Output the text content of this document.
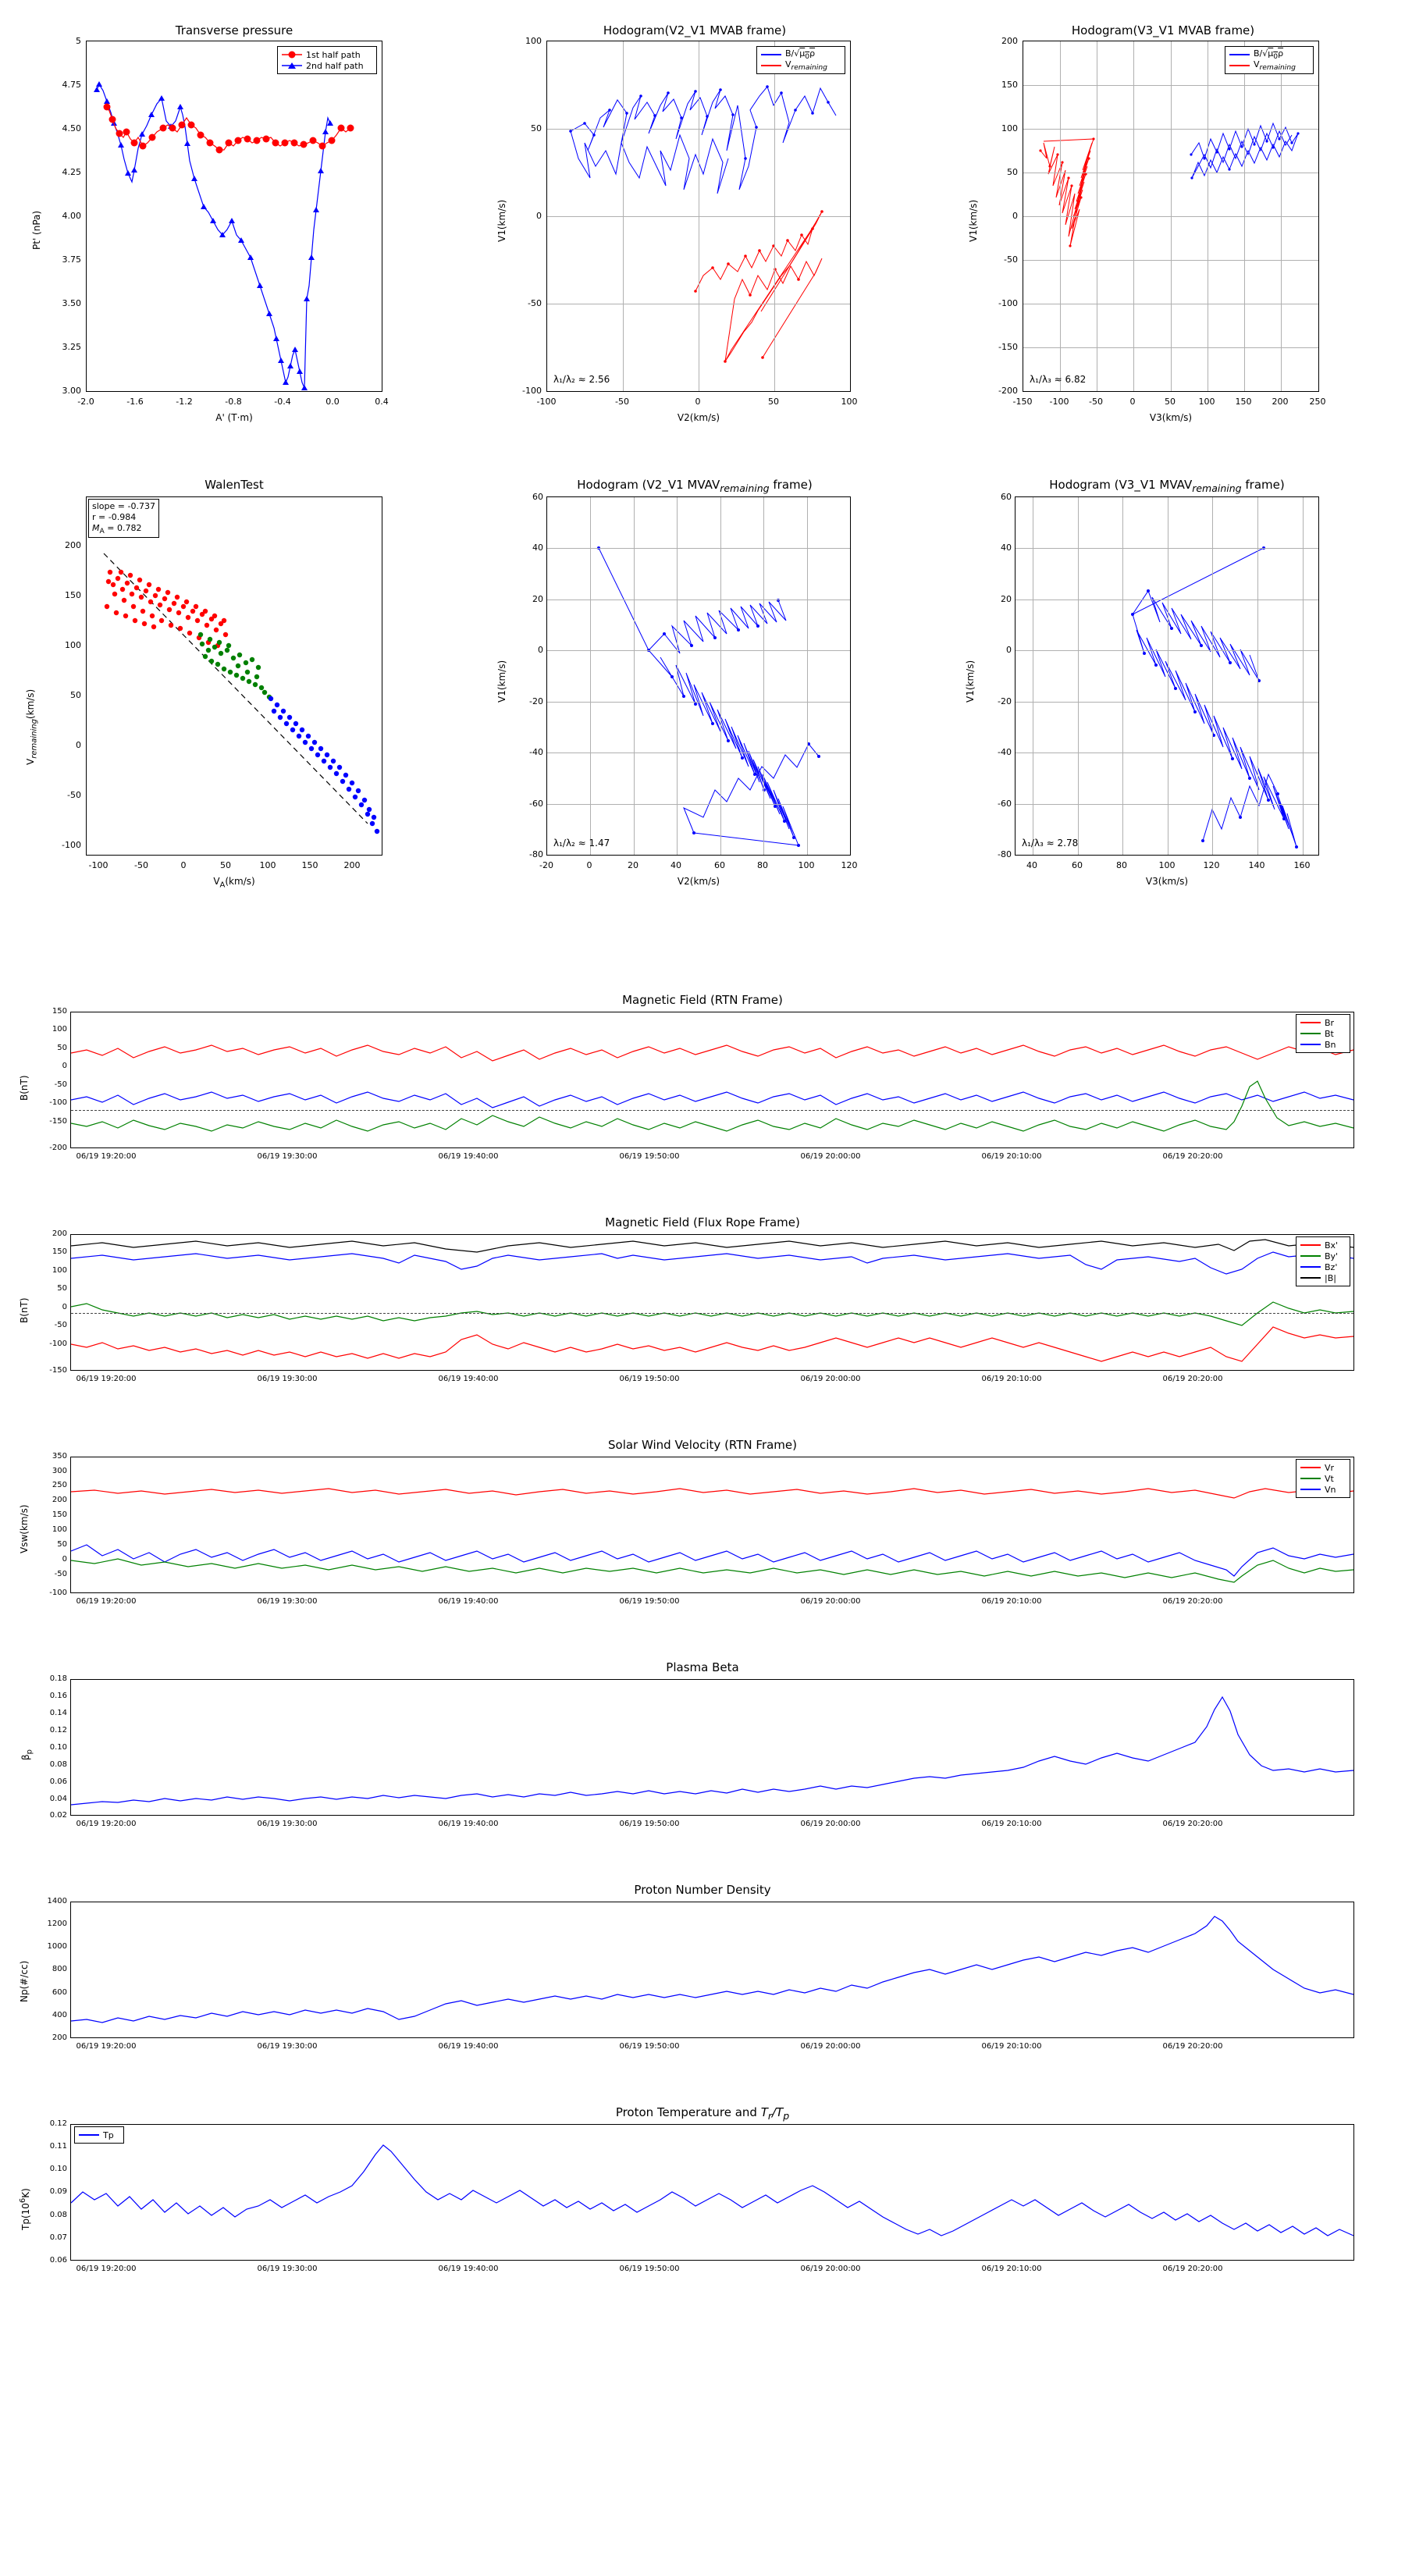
Transverse pressure
1st half path
2nd half path
5
4.75
4.50
4.25
4.00
3.75
3.50
3.25
3.00
-2.0	-1.6	-1.2	-0.8	-0.4	0.0	0.4
A' (T·m)
Pt' (nPa)
Hodogram(V2_V1 MVAB frame)
$B/√\mu_0\rho$
$V_{remaining}$
λ₁/λ₂ ≈ 2.56
100
50
0
-50
-100
-100	-50	0	50	100
V2(km/s)
V1(km/s)
Hodogram(V3_V1 MVAB frame)
$B/√\mu_0\rho$
$V_{remaining}$
λ₁/λ₃ ≈ 6.82
200
150
100
50
0
-50
-100
-150
-200
-150	-100	-50	0	50	100	150	200	250
V3(km/s)
V1(km/s)
WalenTest
slope = -0.737
r = -0.984
$M_A = 0.782$
200
150
100
50
0
-50
-100
-100	-50	0	50	100	150	200
$V_A(km/s)$
$V_{remaining}(km/s)$
Hodogram (V2_V1 $MVAV_{remaining}$ frame)
λ₁/λ₂ ≈ 1.47
60
40
20
0
-20
-40
-60
-80
-20	0	20	40	60	80	100	120
V2(km/s)
V1(km/s)
Hodogram (V3_V1 $MVAV_{remaining}$ frame)
λ₁/λ₃ ≈ 2.78
60
40
20
0
-20
-40
-60
-80
40	60	80	100	120	140	160
V3(km/s)
V1(km/s)
Magnetic Field (RTN Frame)
Br
Bt
Bn
150
100
50
0
-50
-100
-150
-200
B(nT)
06/19 19:20:00	06/19 19:30:00	06/19 19:40:00	06/19 19:50:00	06/19 20:00:00	06/19 20:10:00	06/19 20:20:00
Magnetic Field (Flux Rope Frame)
Bx'
By'
Bz'
|B|
200
150
100
50
0
-50
-100
-150
B(nT)
06/19 19:20:00	06/19 19:30:00	06/19 19:40:00	06/19 19:50:00	06/19 20:00:00	06/19 20:10:00	06/19 20:20:00
Solar Wind Velocity (RTN Frame)
Vr
Vt
Vn
350
300
250
200
150
100
50
0
-50
-100
Vsw(km/s)
06/19 19:20:00	06/19 19:30:00	06/19 19:40:00	06/19 19:50:00	06/19 20:00:00	06/19 20:10:00	06/19 20:20:00
Plasma Beta
0.18
0.16
0.14
0.12
0.10
0.08
0.06
0.04
0.02
$\beta_p$
06/19 19:20:00	06/19 19:30:00	06/19 19:40:00	06/19 19:50:00	06/19 20:00:00	06/19 20:10:00	06/19 20:20:00
Proton Number Density
1400
1200
1000
800
600
400
200
Np(#/cc)
06/19 19:20:00	06/19 19:30:00	06/19 19:40:00	06/19 19:50:00	06/19 20:00:00	06/19 20:10:00	06/19 20:20:00
Proton Temperature and $T_r/T_p$
Tp
0.12
0.11
0.10
0.09
0.08
0.07
0.06
$Tp(10^6K)$
06/19 19:20:00	06/19 19:30:00	06/19 19:40:00	06/19 19:50:00	06/19 20:00:00	06/19 20:10:00	06/19 20:20:00
